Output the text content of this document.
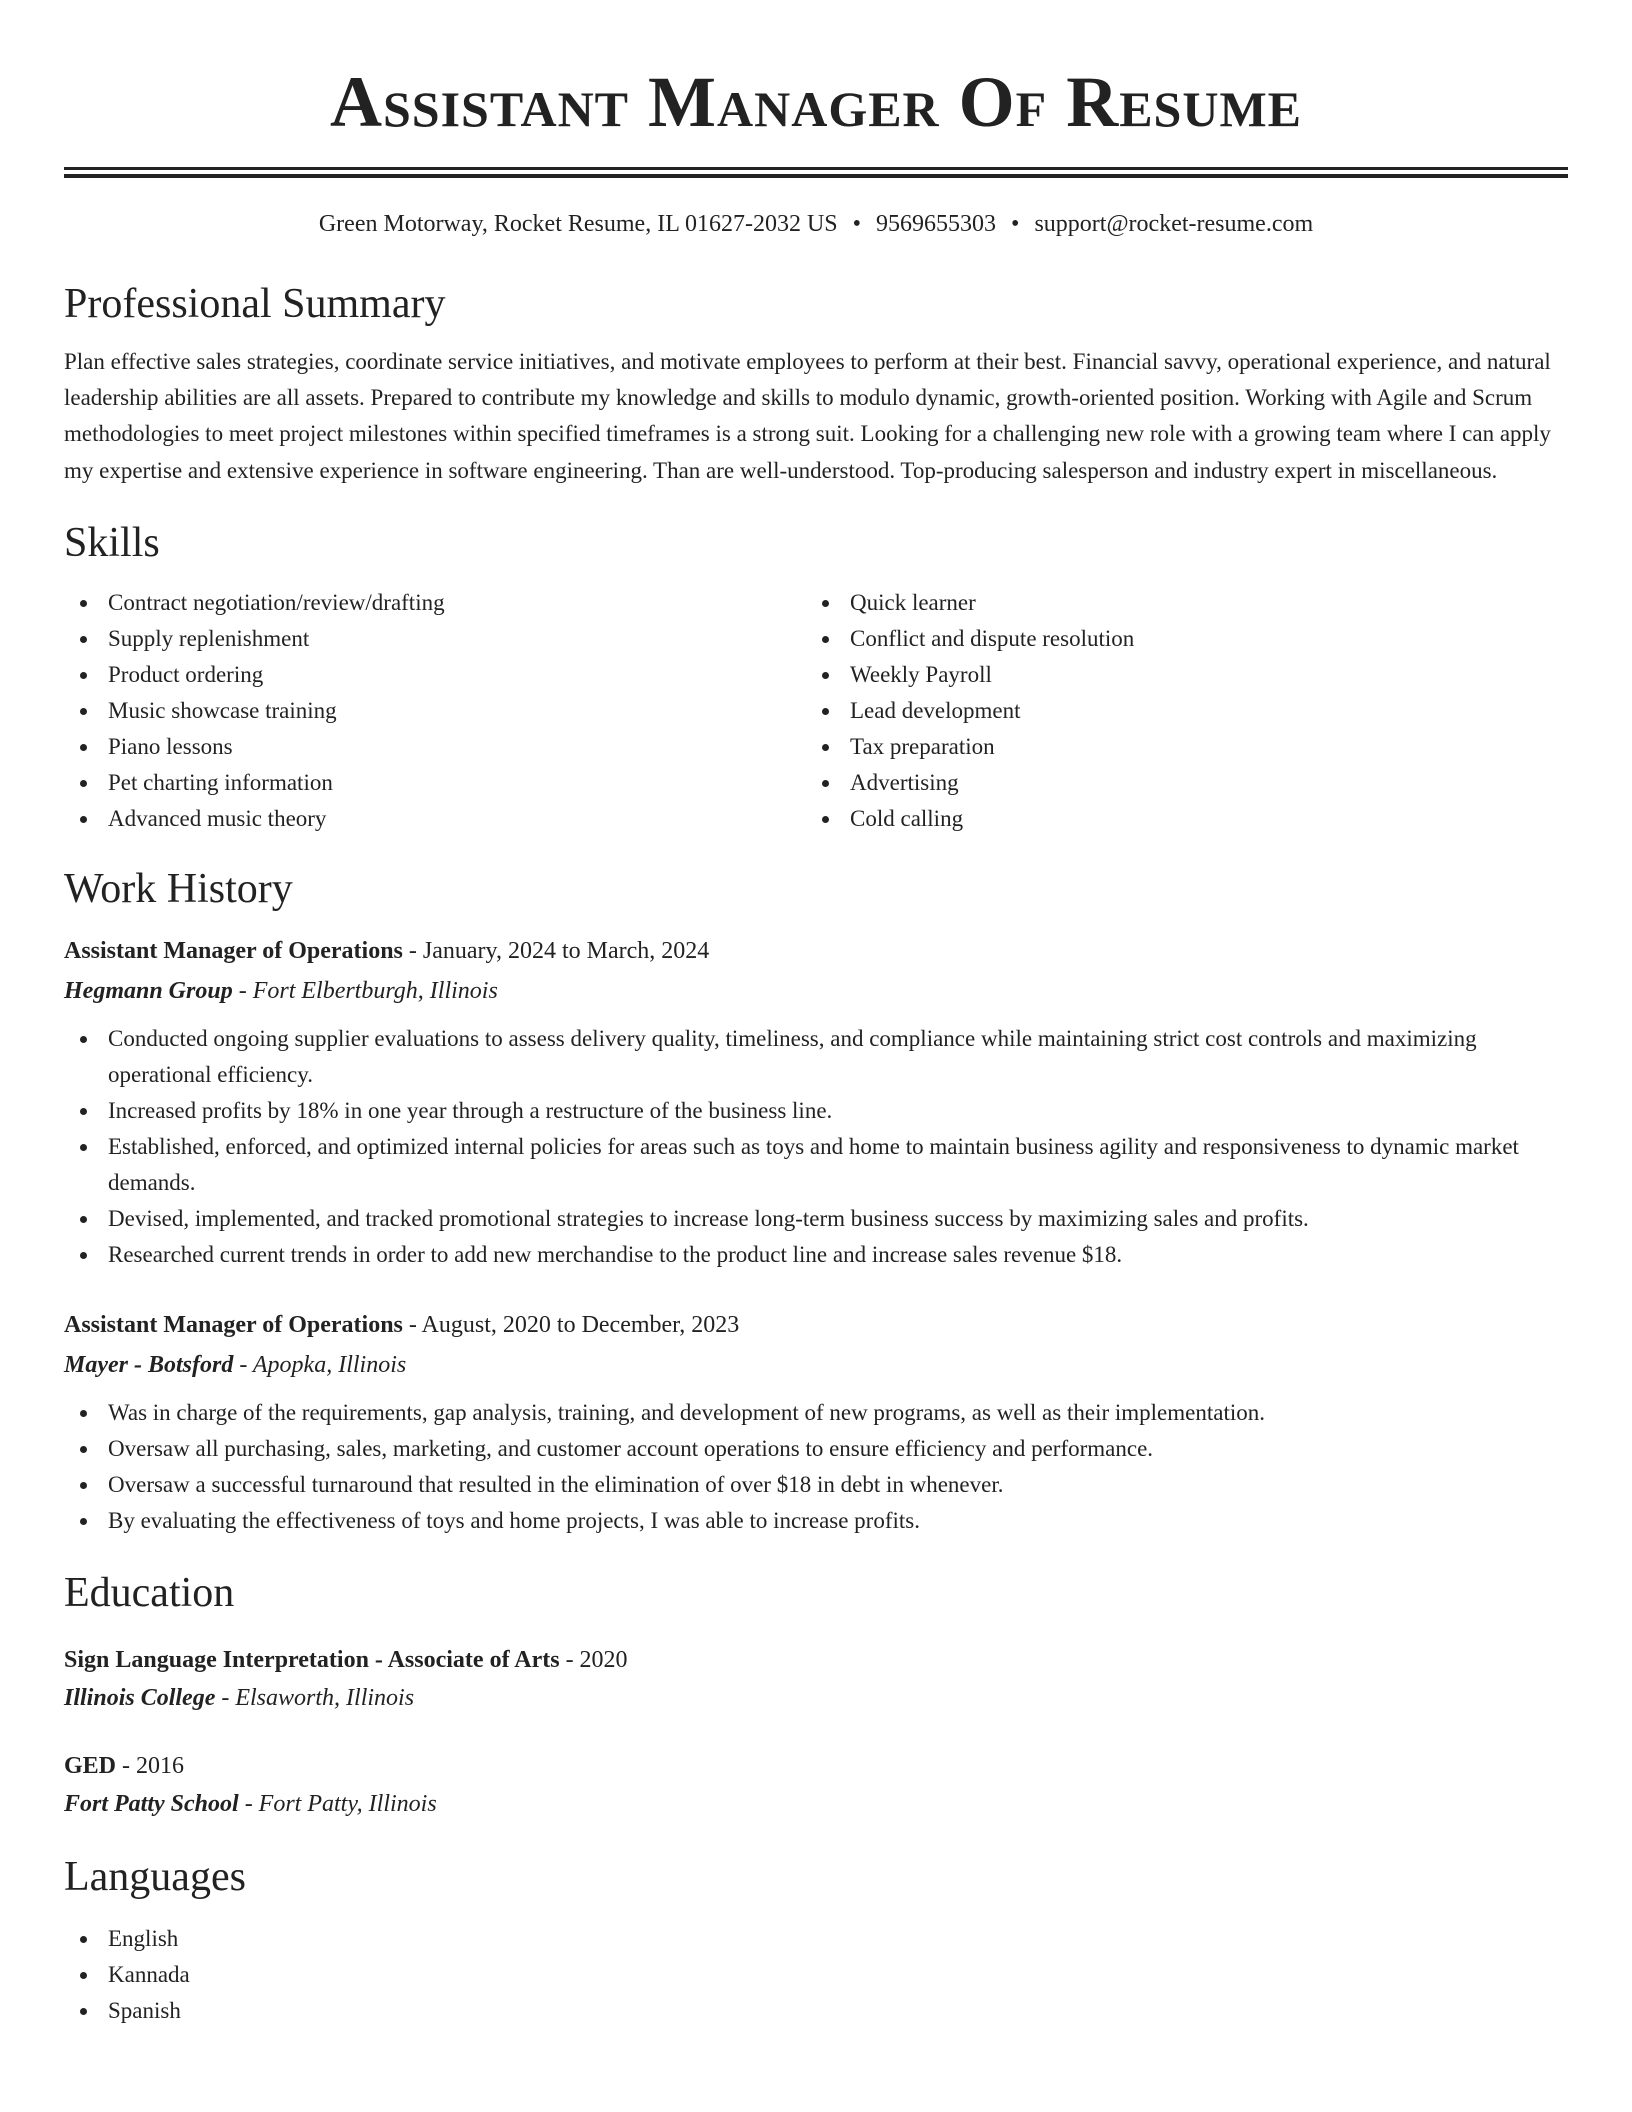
Assistant Manager Of Resume
Green Motorway, Rocket Resume, IL 01627-2032 US • 9569655303 • support@rocket-resume.com
Professional Summary
Plan effective sales strategies, coordinate service initiatives, and motivate employees to perform at their best. Financial savvy, operational experience, and natural leadership abilities are all assets. Prepared to contribute my knowledge and skills to modulo dynamic, growth-oriented position. Working with Agile and Scrum methodologies to meet project milestones within specified timeframes is a strong suit. Looking for a challenging new role with a growing team where I can apply my expertise and extensive experience in software engineering. Than are well-understood. Top-producing salesperson and industry expert in miscellaneous.
Skills
Contract negotiation/review/drafting
Supply replenishment
Product ordering
Music showcase training
Piano lessons
Pet charting information
Advanced music theory
Quick learner
Conflict and dispute resolution
Weekly Payroll
Lead development
Tax preparation
Advertising
Cold calling
Work History
Assistant Manager of Operations - January, 2024 to March, 2024
Hegmann Group - Fort Elbertburgh, Illinois
Conducted ongoing supplier evaluations to assess delivery quality, timeliness, and compliance while maintaining strict cost controls and maximizing operational efficiency.
Increased profits by 18% in one year through a restructure of the business line.
Established, enforced, and optimized internal policies for areas such as toys and home to maintain business agility and responsiveness to dynamic market demands.
Devised, implemented, and tracked promotional strategies to increase long-term business success by maximizing sales and profits.
Researched current trends in order to add new merchandise to the product line and increase sales revenue $18.
Assistant Manager of Operations - August, 2020 to December, 2023
Mayer - Botsford - Apopka, Illinois
Was in charge of the requirements, gap analysis, training, and development of new programs, as well as their implementation.
Oversaw all purchasing, sales, marketing, and customer account operations to ensure efficiency and performance.
Oversaw a successful turnaround that resulted in the elimination of over $18 in debt in whenever.
By evaluating the effectiveness of toys and home projects, I was able to increase profits.
Education
Sign Language Interpretation - Associate of Arts - 2020
Illinois College - Elsaworth, Illinois
GED - 2016
Fort Patty School - Fort Patty, Illinois
Languages
English
Kannada
Spanish
